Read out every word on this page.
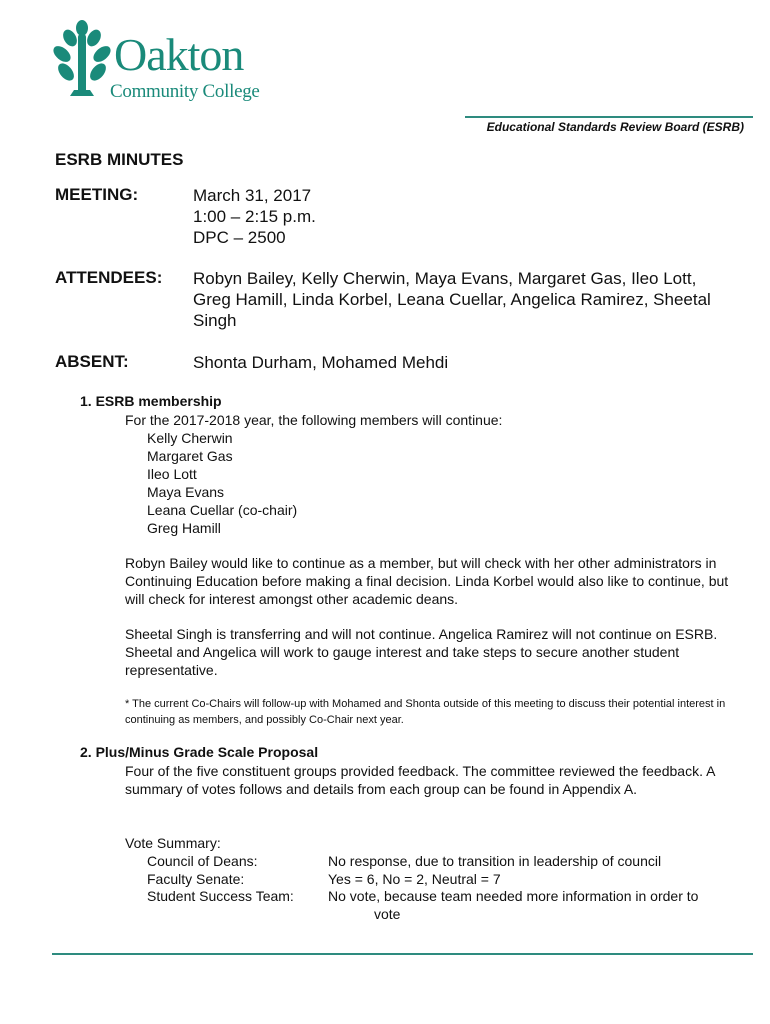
Oakton
Community College
Educational Standards Review Board (ESRB)
ESRB MINUTES
MEETING:	March 31, 2017
1:00 – 2:15 p.m.
DPC – 2500
ATTENDEES:	Robyn Bailey, Kelly Cherwin, Maya Evans, Margaret Gas, Ileo Lott, Greg Hamill, Linda Korbel, Leana Cuellar, Angelica Ramirez, Sheetal Singh
ABSENT:	Shonta Durham, Mohamed Mehdi
1. ESRB membership
For the 2017-2018 year, the following members will continue:
Kelly Cherwin
Margaret Gas
Ileo Lott
Maya Evans
Leana Cuellar (co-chair)
Greg Hamill
Robyn Bailey would like to continue as a member, but will check with her other administrators in Continuing Education before making a final decision. Linda Korbel would also like to continue, but will check for interest amongst other academic deans.
Sheetal Singh is transferring and will not continue. Angelica Ramirez will not continue on ESRB. Sheetal and Angelica will work to gauge interest and take steps to secure another student representative.
* The current Co-Chairs will follow-up with Mohamed and Shonta outside of this meeting to discuss their potential interest in continuing as members, and possibly Co-Chair next year.
2. Plus/Minus Grade Scale Proposal
Four of the five constituent groups provided feedback. The committee reviewed the feedback. A summary of votes follows and details from each group can be found in Appendix A.
Vote Summary:
Council of Deans:	No response, due to transition in leadership of council
Faculty Senate:	Yes = 6, No = 2, Neutral = 7
Student Success Team: No vote, because team needed more information in order to
vote
